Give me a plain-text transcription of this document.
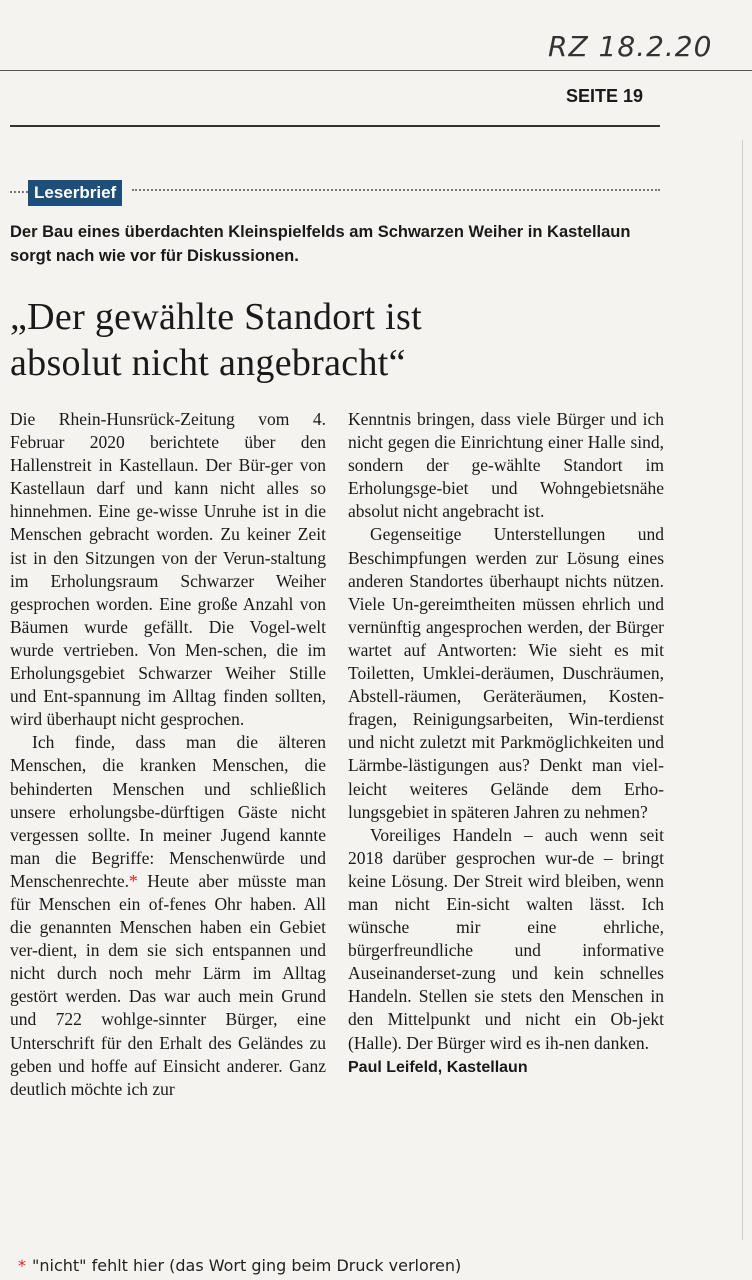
RZ 18.2.20
SEITE 19
Leserbrief
Der Bau eines überdachten Kleinspielfelds am Schwarzen Weiher in Kastellaun sorgt nach wie vor für Diskussionen.
„Der gewählte Standort ist
absolut nicht angebracht“

Die Rhein-Hunsrück-Zeitung vom 4. Februar 2020 berichtete über den Hallenstreit in Kastellaun. Der Bür-ger von Kastellaun darf und kann nicht alles so hinnehmen. Eine ge-wisse Unruhe ist in die Menschen gebracht worden. Zu keiner Zeit ist in den Sitzungen von der Verun-staltung im Erholungsraum Schwarzer Weiher gesprochen worden. Eine große Anzahl von Bäumen wurde gefällt. Die Vogel-welt wurde vertrieben. Von Men-schen, die im Erholungsgebiet Schwarzer Weiher Stille und Ent-spannung im Alltag finden sollten, wird überhaupt nicht gesprochen.

Ich finde, dass man die älteren Menschen, die kranken Menschen, die behinderten Menschen und schließlich unsere erholungsbe-dürftigen Gäste nicht vergessen sollte. In meiner Jugend kannte man die Begriffe: Menschenwürde und Menschenrechte.* Heute aber müsste man für Menschen ein of-fenes Ohr haben. All die genannten Menschen haben ein Gebiet ver-dient, in dem sie sich entspannen und nicht durch noch mehr Lärm im Alltag gestört werden. Das war auch mein Grund und 722 wohlge-sinnter Bürger, eine Unterschrift für den Erhalt des Geländes zu geben und hoffe auf Einsicht anderer. Ganz deutlich möchte ich zur

Kenntnis bringen, dass viele Bürger und ich nicht gegen die Einrichtung einer Halle sind, sondern der ge-wählte Standort im Erholungsge-biet und Wohngebietsnähe absolut nicht angebracht ist.

Gegenseitige Unterstellungen und Beschimpfungen werden zur Lösung eines anderen Standortes überhaupt nichts nützen. Viele Un-gereimtheiten müssen ehrlich und vernünftig angesprochen werden, der Bürger wartet auf Antworten: Wie sieht es mit Toiletten, Umklei-deräumen, Duschräumen, Abstell-räumen, Geräteräumen, Kosten-fragen, Reinigungsarbeiten, Win-terdienst und nicht zuletzt mit Parkmöglichkeiten und Lärmbe-lästigungen aus? Denkt man viel-leicht weiteres Gelände dem Erho-lungsgebiet in späteren Jahren zu nehmen?

Voreiliges Handeln – auch wenn seit 2018 darüber gesprochen wur-de – bringt keine Lösung. Der Streit wird bleiben, wenn man nicht Ein-sicht walten lässt. Ich wünsche mir eine ehrliche, bürgerfreundliche und informative Auseinanderset-zung und kein schnelles Handeln. Stellen sie stets den Menschen in den Mittelpunkt und nicht ein Ob-jekt (Halle). Der Bürger wird es ih-nen danken.

Paul Leifeld, Kastellaun
* "nicht" fehlt hier (das Wort ging beim Druck verloren)
